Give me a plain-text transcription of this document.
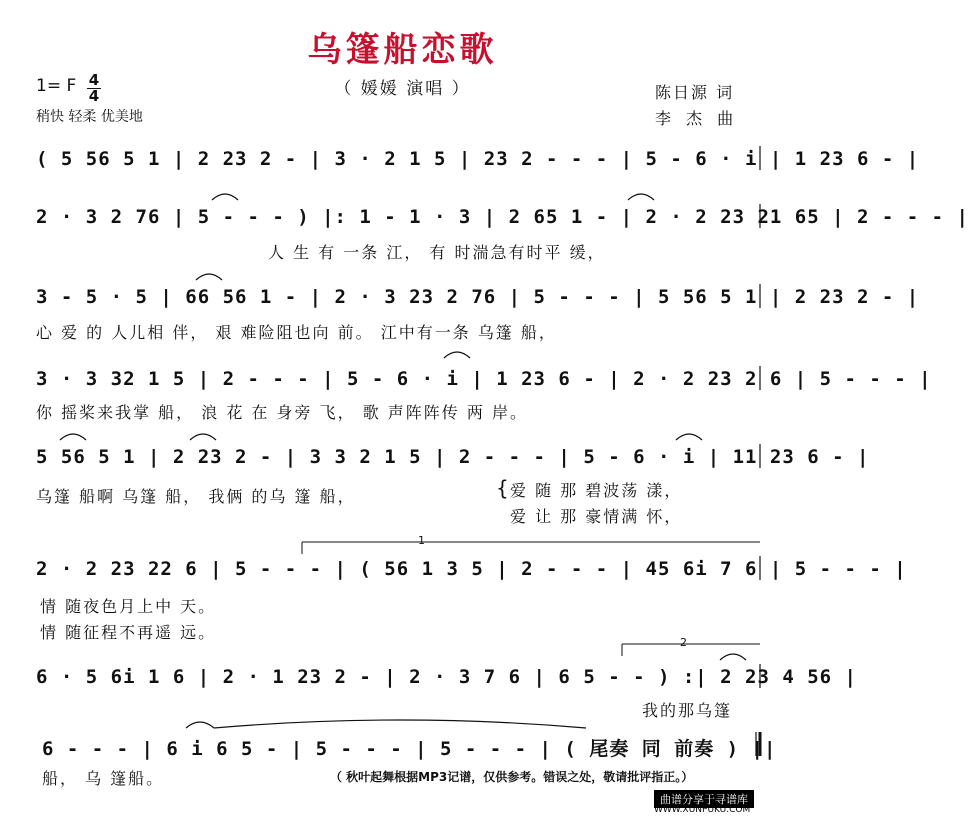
乌篷船恋歌
（ 媛媛 演唱 ）
1= F 4
4
稍快 轻柔 优美地
陈日源 词
李 杰 曲
( 5 56 5 1 | 2 23 2 - | 3 · 2 1 5 | 23 2 - - - | 5 - 6 · i | 1 23 6 - |
2 · 3 2 76 | 5 - - - ) |: 1 - 1 · 3 | 2 65 1 - | 2 · 2 23 21 65 | 2 - - - |
人 生 有 一条 江， 有 时湍急有时平 缓，
3 - 5 · 5 | 66 56 1 - | 2 · 3 23 2 76 | 5 - - - | 5 56 5 1 | 2 23 2 - |
心 爱 的 人儿相 伴， 艰 难险阻也向 前。 江中有一条 乌篷 船，
3 · 3 32 1 5 | 2 - - - | 5 - 6 · i | 1 23 6 - | 2 · 2 23 2 6 | 5 - - - |
你 摇桨来我掌 船， 浪 花 在 身旁 飞， 歌 声阵阵传 两 岸。
5 56 5 1 | 2 23 2 - | 3 3 2 1 5 | 2 - - - | 5 - 6 · i | 11 23 6 - |
乌篷 船啊 乌篷 船， 我俩 的乌 篷 船，	{ 爱 随 那 碧波荡 漾，
爱 让 那 豪情满 怀，
1
2 · 2 23 22 6 | 5 - - - | ( 56 1 3 5 | 2 - - - | 45 6i 7 6 | 5 - - - |
情 随夜色月上中 天。
情 随征程不再遥 远。
2
6 · 5 6i 1 6 | 2 · 1 23 2 - | 2 · 3 7 6 | 6 5 - - ) :| 2 23 4 56 |
我的那乌篷
6 - - - | 6 i 6 5 - | 5 - - - | 5 - - - | ( 尾奏 同 前奏 ) ||
船， 乌 篷船。	（ 秋叶起舞根据MP3记谱，仅供参考。错误之处，敬请批评指正。）
曲谱分享于寻谱库
WWW.XUNPUKU.COM
